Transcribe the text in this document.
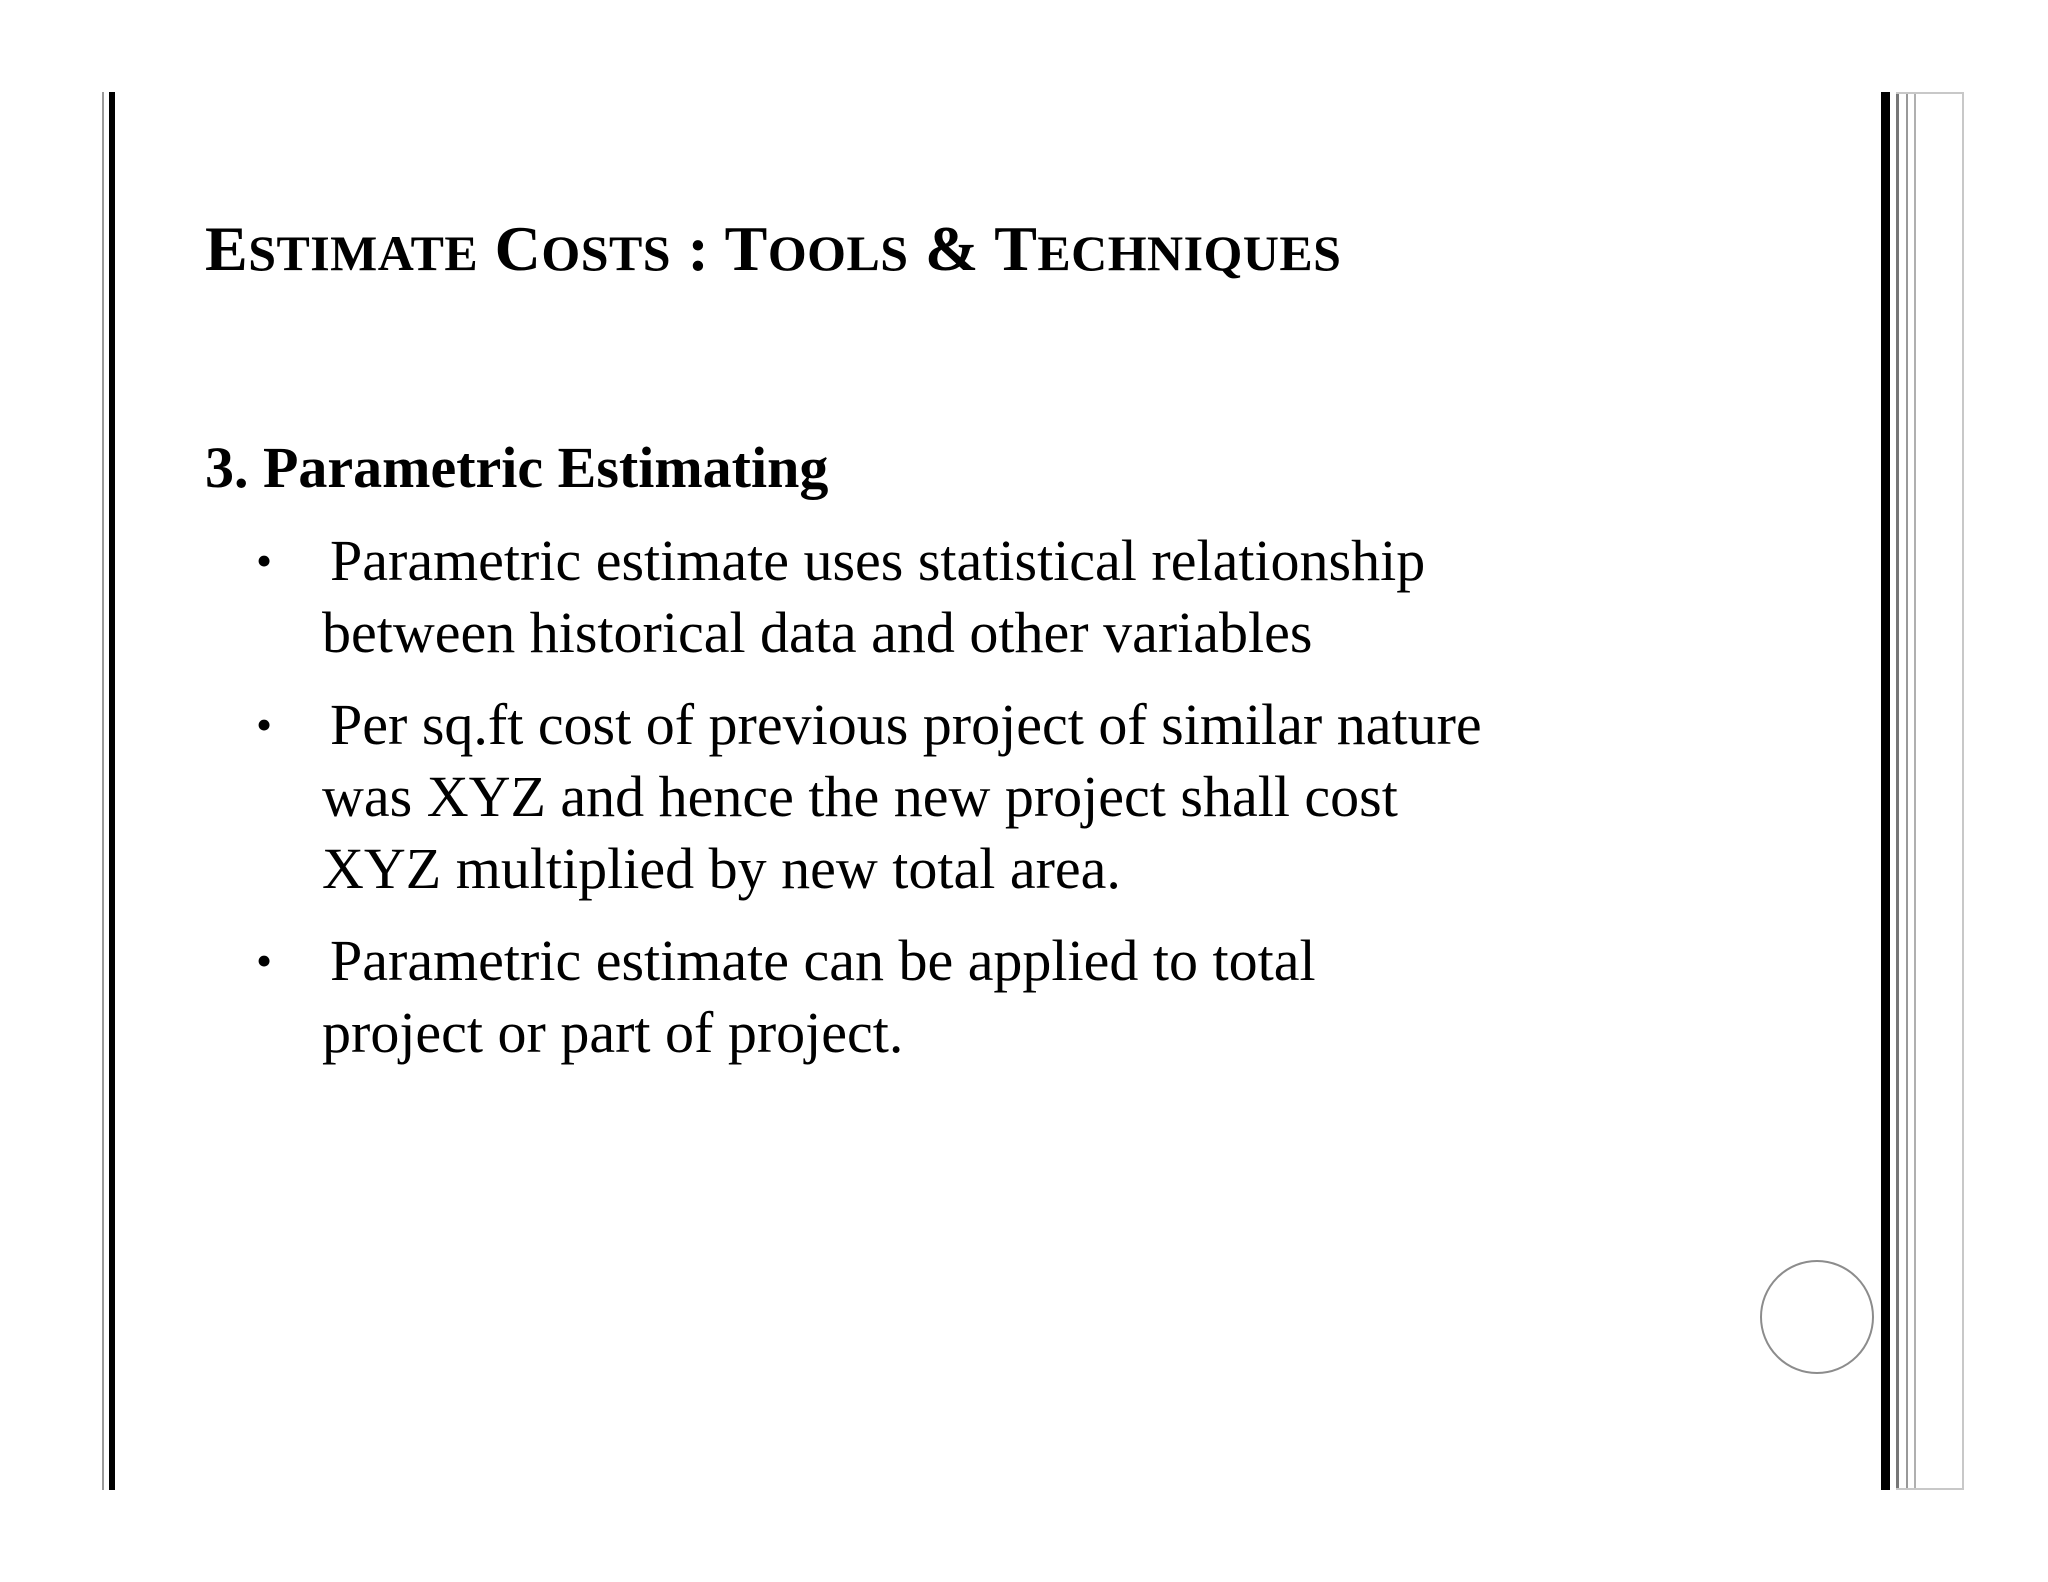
ESTIMATE COSTS : TOOLS & TECHNIQUES
3. Parametric Estimating
• Parametric estimate uses statistical relationship
between historical data and other variables
• Per sq.ft cost of previous project of similar nature
was XYZ and hence the new project shall cost
XYZ multiplied by new total area.
• Parametric estimate can be applied to total
project or part of project.
